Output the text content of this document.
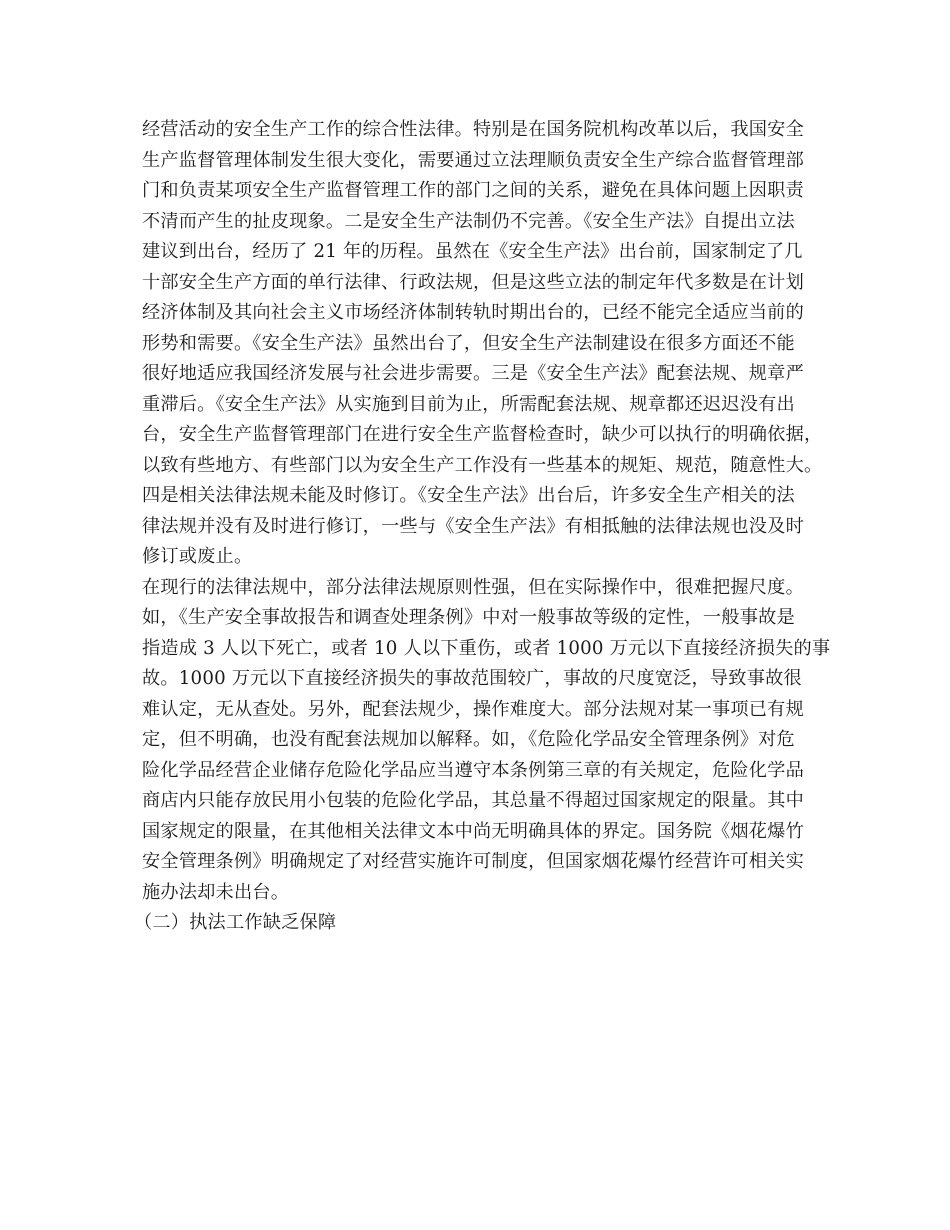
经营活动的安全生产工作的综合性法律。特别是在国务院机构改革以后，我国安全
生产监督管理体制发生很大变化，需要通过立法理顺负责安全生产综合监督管理部
门和负责某项安全生产监督管理工作的部门之间的关系，避免在具体问题上因职责
不清而产生的扯皮现象。二是安全生产法制仍不完善。《安全生产法》自提出立法
建议到出台，经历了 21 年的历程。虽然在《安全生产法》出台前，国家制定了几
十部安全生产方面的单行法律、行政法规，但是这些立法的制定年代多数是在计划
经济体制及其向社会主义市场经济体制转轨时期出台的，已经不能完全适应当前的
形势和需要。《安全生产法》虽然出台了，但安全生产法制建设在很多方面还不能
很好地适应我国经济发展与社会进步需要。三是《安全生产法》配套法规、规章严
重滞后。《安全生产法》从实施到目前为止，所需配套法规、规章都还迟迟没有出
台，安全生产监督管理部门在进行安全生产监督检查时，缺少可以执行的明确依据，
以致有些地方、有些部门以为安全生产工作没有一些基本的规矩、规范，随意性大。
四是相关法律法规未能及时修订。《安全生产法》出台后，许多安全生产相关的法
律法规并没有及时进行修订，一些与《安全生产法》有相抵触的法律法规也没及时
修订或废止。
在现行的法律法规中，部分法律法规原则性强，但在实际操作中，很难把握尺度。
如，《生产安全事故报告和调查处理条例》中对一般事故等级的定性，一般事故是
指造成 3 人以下死亡，或者 10 人以下重伤，或者 1000 万元以下直接经济损失的事
故。1000 万元以下直接经济损失的事故范围较广，事故的尺度宽泛，导致事故很
难认定，无从查处。另外，配套法规少，操作难度大。部分法规对某一事项已有规
定，但不明确，也没有配套法规加以解释。如，《危险化学品安全管理条例》对危
险化学品经营企业储存危险化学品应当遵守本条例第三章的有关规定，危险化学品
商店内只能存放民用小包装的危险化学品，其总量不得超过国家规定的限量。其中
国家规定的限量，在其他相关法律文本中尚无明确具体的界定。国务院《烟花爆竹
安全管理条例》明确规定了对经营实施许可制度，但国家烟花爆竹经营许可相关实
施办法却未出台。
（二）执法工作缺乏保障
